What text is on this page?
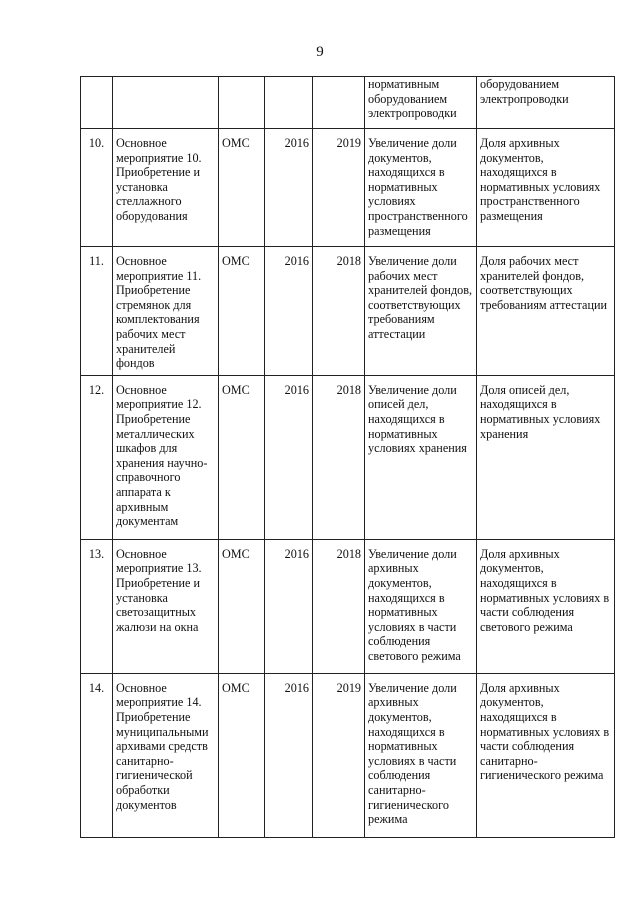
9
					нормативным оборудованием электропроводки	оборудованием электропроводки
10.	Основное мероприятие 10. Приобретение и установка стеллажного оборудования	ОМС	2016	2019	Увеличение доли документов, находящихся в нормативных условиях пространственного размещения	Доля архивных документов, находящихся в нормативных условиях пространственного размещения
11.	Основное мероприятие 11. Приобретение стремянок для комплектования рабочих мест хранителей фондов	ОМС	2016	2018	Увеличение доли рабочих мест хранителей фондов, соответствующих требованиям аттестации	Доля рабочих мест хранителей фондов, соответствующих требованиям аттестации
12.	Основное мероприятие 12. Приобретение металлических шкафов для хранения научно-справочного аппарата к архивным документам	ОМС	2016	2018	Увеличение доли описей дел, находящихся в нормативных условиях хранения	Доля описей дел, находящихся в нормативных условиях хранения
13.	Основное мероприятие 13. Приобретение и установка светозащитных жалюзи на окна	ОМС	2016	2018	Увеличение доли архивных документов, находящихся в нормативных условиях в части соблюдения светового режима	Доля архивных документов, находящихся в нормативных условиях в части соблюдения светового режима
14.	Основное мероприятие 14. Приобретение муниципальными архивами средств санитарно-гигиенической обработки документов	ОМС	2016	2019	Увеличение доли архивных документов, находящихся в нормативных условиях в части соблюдения санитарно-гигиенического режима	Доля архивных документов, находящихся в нормативных условиях в части соблюдения санитарно-гигиенического режима
